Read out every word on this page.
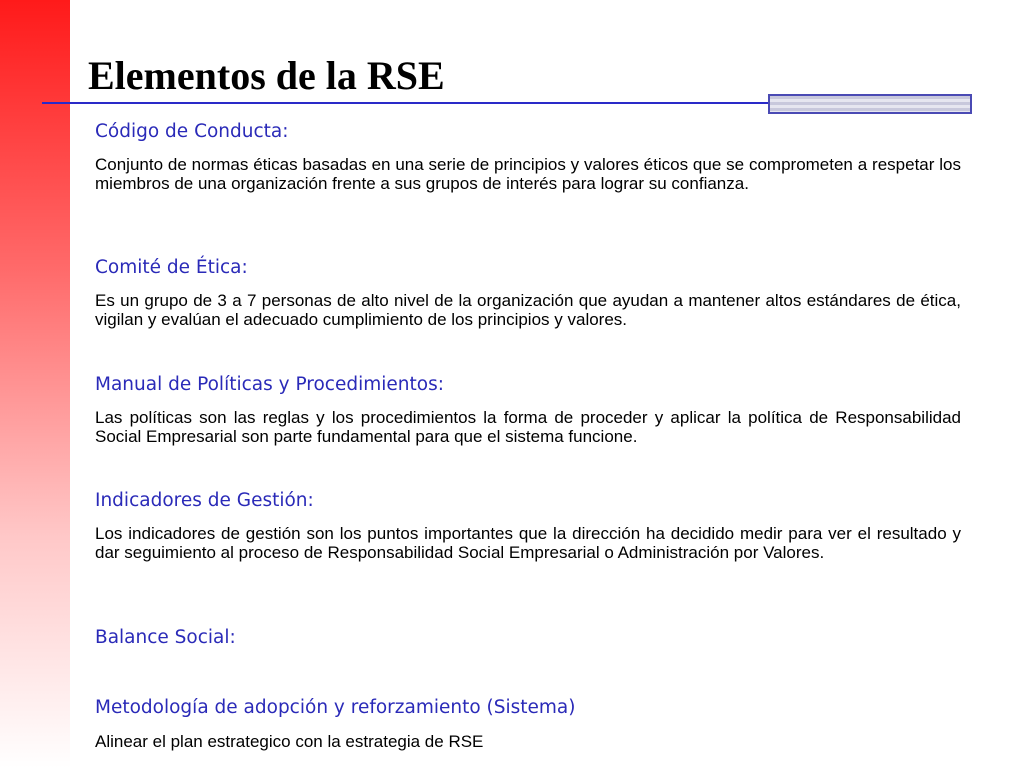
Elementos de la RSE

Código de Conducta:

Conjunto de normas éticas basadas en una serie de principios y valores éticos que se comprometen a respetar los miembros de una organización frente a sus grupos de interés para lograr su confianza.

Comité de Ética:

Es un grupo de 3 a 7 personas de alto nivel de la organización que ayudan a mantener altos estándares de ética, vigilan y evalúan el adecuado cumplimiento de los principios y valores.

Manual de Políticas y Procedimientos:

Las políticas son las reglas y los procedimientos la forma de proceder y aplicar la política de Responsabilidad Social Empresarial son parte fundamental para que el sistema funcione.

Indicadores de Gestión:

Los indicadores de gestión son los puntos importantes que la dirección ha decidido medir para ver el resultado y dar seguimiento al proceso de Responsabilidad Social Empresarial o Administración por Valores.

Balance Social:

Metodología de adopción y reforzamiento (Sistema)

Alinear el plan estrategico con la estrategia de RSE
